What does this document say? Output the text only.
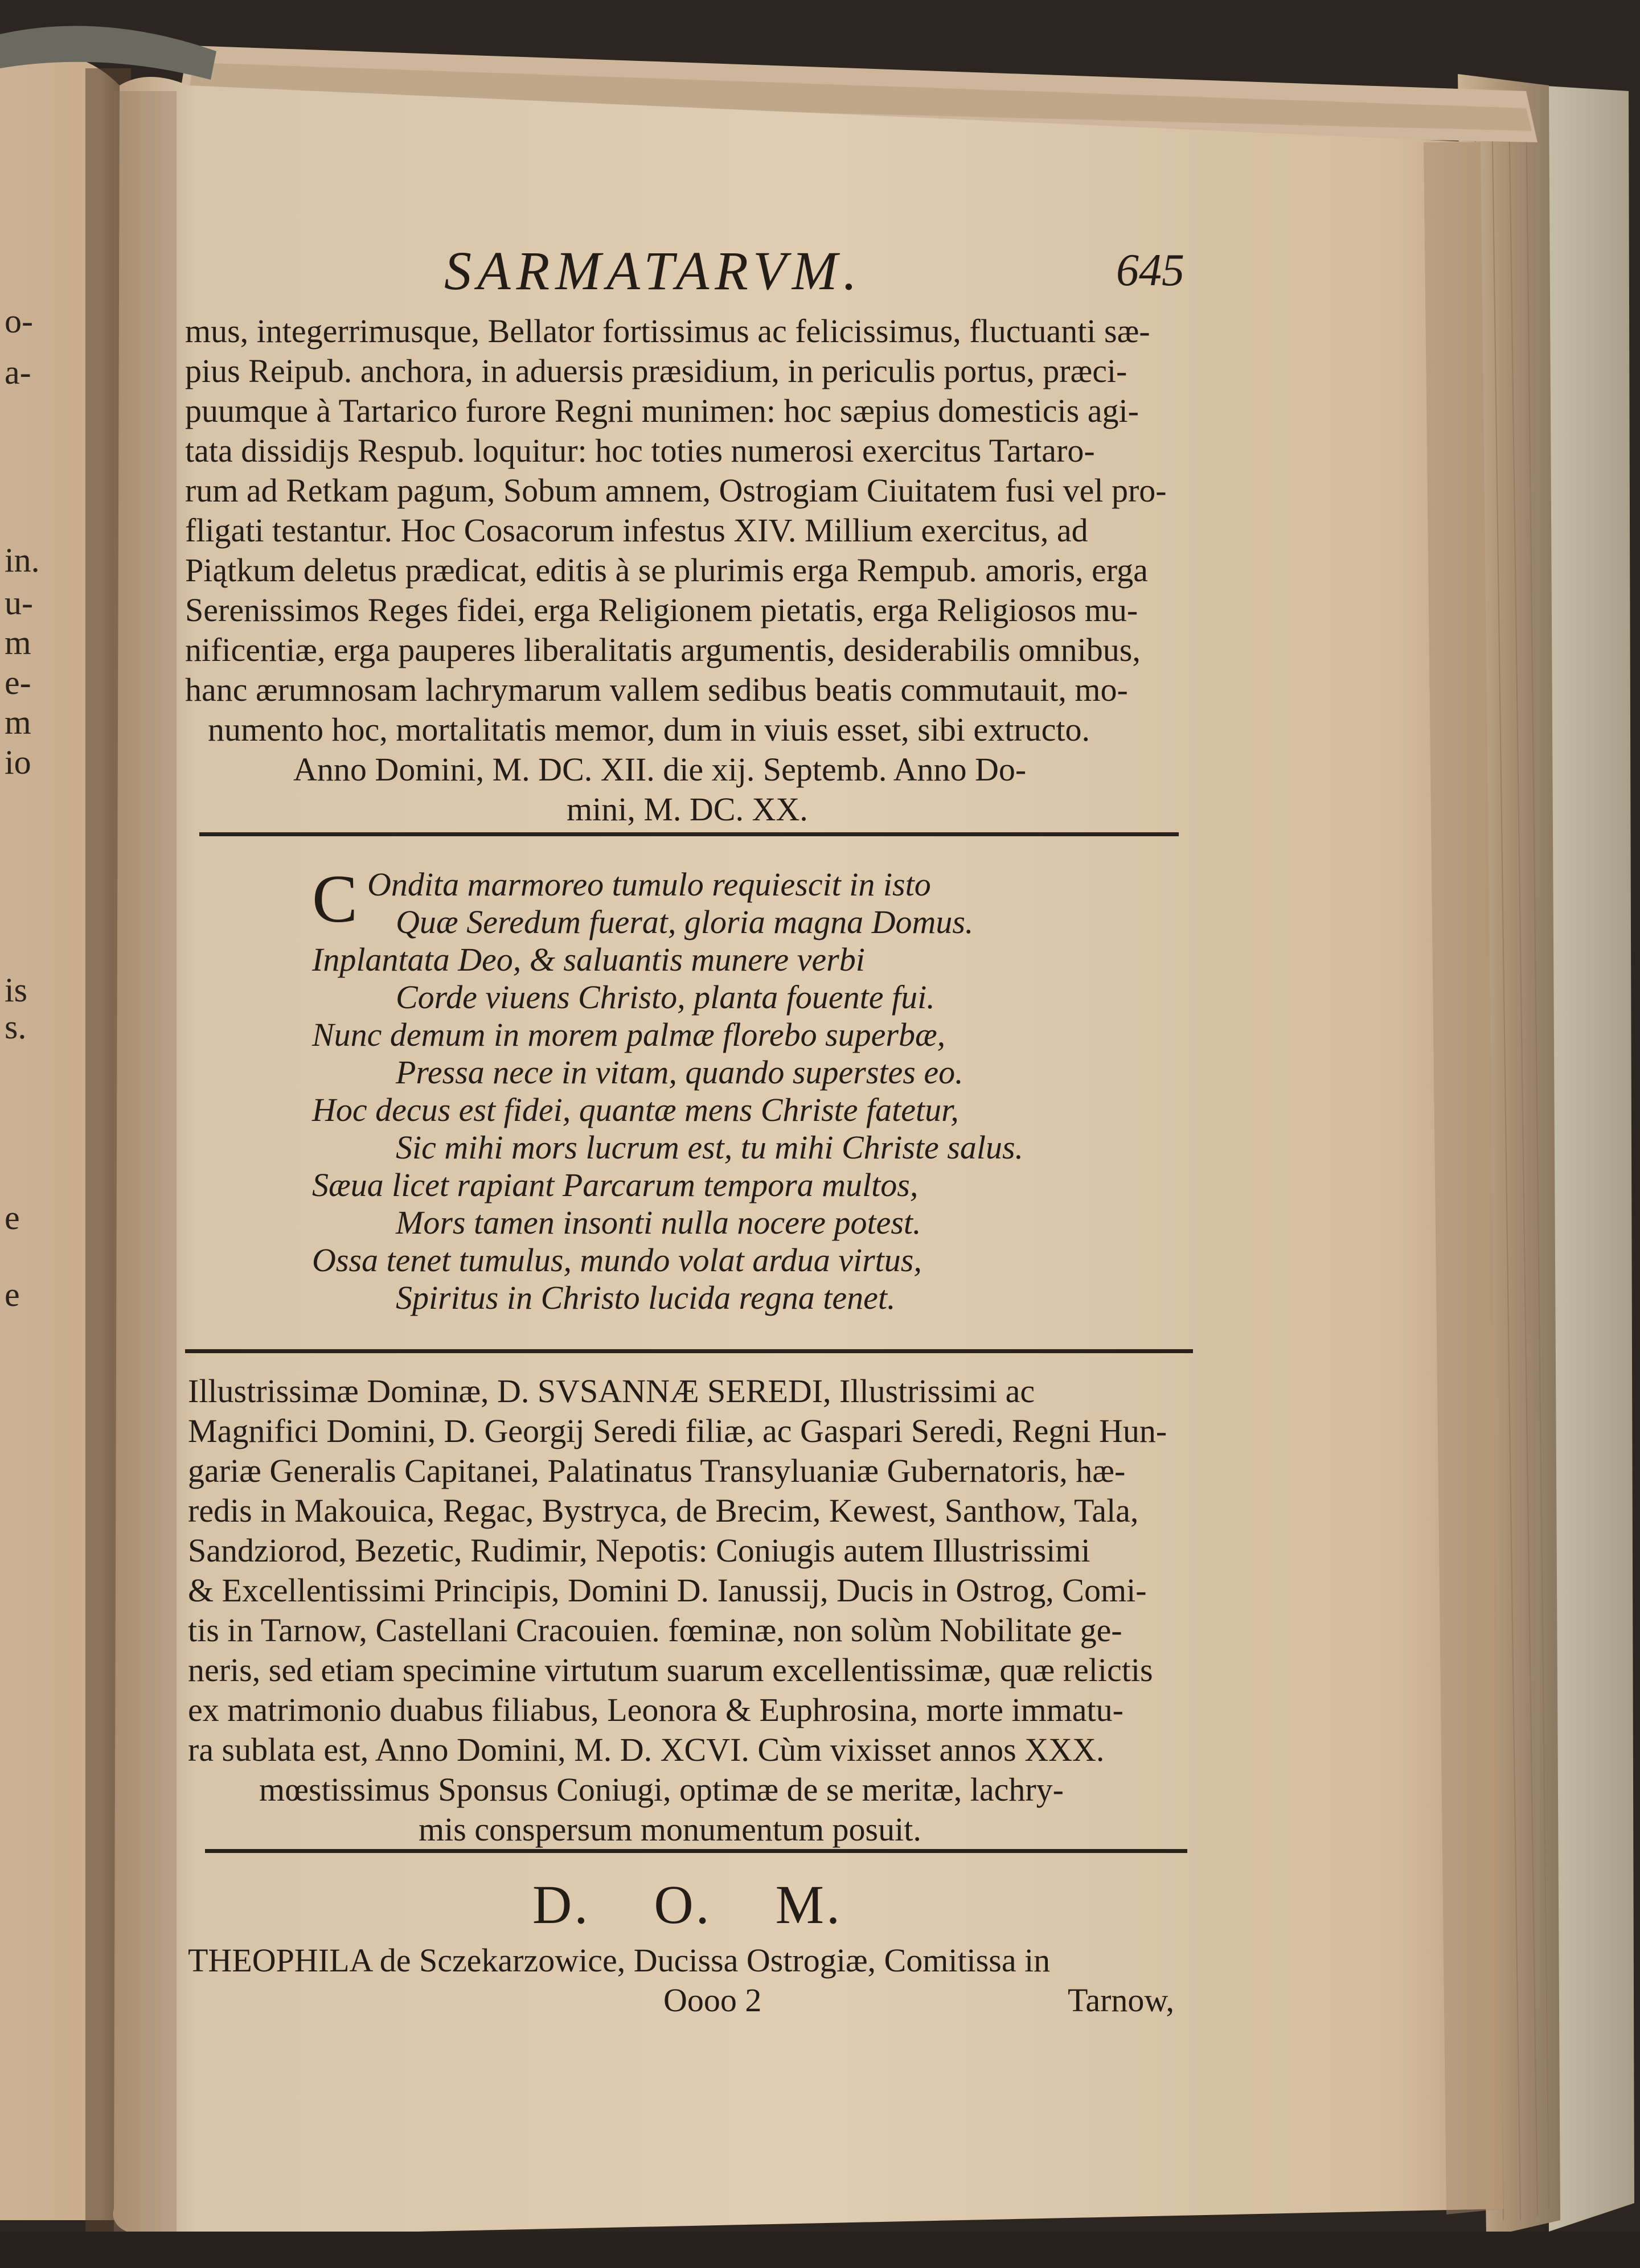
o-
a-
in.
u-
m
e-
m
io
is
s.
e
e
SARMATARVM.	645
mus, integerrimusque, Bellator fortissimus ac felicissimus, fluctuanti sæ-
pius Reipub. anchora, in aduersis præsidium, in periculis portus, præci-
puumque à Tartarico furore Regni munimen: hoc sæpius domesticis agi-
tata dissidijs Respub. loquitur: hoc toties numerosi exercitus Tartaro-
rum ad Retkam pagum, Sobum amnem, Ostrogiam Ciuitatem fusi vel pro-
fligati testantur. Hoc Cosacorum infestus XIV. Millium exercitus, ad
Piątkum deletus prædicat, editis à se plurimis erga Rempub. amoris, erga
Serenissimos Reges fidei, erga Religionem pietatis, erga Religiosos mu-
nificentiæ, erga pauperes liberalitatis argumentis, desiderabilis omnibus,
hanc ærumnosam lachrymarum vallem sedibus beatis commutauit, mo-
numento hoc, mortalitatis memor, dum in viuis esset, sibi extructo.
Anno Domini, M. DC. XII. die xij. Septemb. Anno Do-
mini, M. DC. XX.
C Ondita marmoreo tumulo requiescit in isto
Quæ Seredum fuerat, gloria magna Domus.
Inplantata Deo, & saluantis munere verbi
Corde viuens Christo, planta fouente fui.
Nunc demum in morem palmæ florebo superbæ,
Pressa nece in vitam, quando superstes eo.
Hoc decus est fidei, quantæ mens Christe fatetur,
Sic mihi mors lucrum est, tu mihi Christe salus.
Sæua licet rapiant Parcarum tempora multos,
Mors tamen insonti nulla nocere potest.
Ossa tenet tumulus, mundo volat ardua virtus,
Spiritus in Christo lucida regna tenet.
Illustrissimæ Dominæ, D. SVSANNÆ SEREDI, Illustrissimi ac
Magnifici Domini, D. Georgij Seredi filiæ, ac Gaspari Seredi, Regni Hun-
gariæ Generalis Capitanei, Palatinatus Transyluaniæ Gubernatoris, hæ-
redis in Makouica, Regac, Bystryca, de Brecim, Kewest, Santhow, Tala,
Sandziorod, Bezetic, Rudimir, Nepotis: Coniugis autem Illustrissimi
& Excellentissimi Principis, Domini D. Ianussij, Ducis in Ostrog, Comi-
tis in Tarnow, Castellani Cracouien. fœminæ, non solùm Nobilitate ge-
neris, sed etiam specimine virtutum suarum excellentissimæ, quæ relictis
ex matrimonio duabus filiabus, Leonora & Euphrosina, morte immatu-
ra sublata est, Anno Domini, M. D. XCVI. Cùm vixisset annos XXX.
mœstissimus Sponsus Coniugi, optimæ de se meritæ, lachry-
mis conspersum monumentum posuit.
D.    O.    M.
THEOPHILA de Sczekarzowice, Ducissa Ostrogiæ, Comitissa in
Oooo 2	Tarnow,
